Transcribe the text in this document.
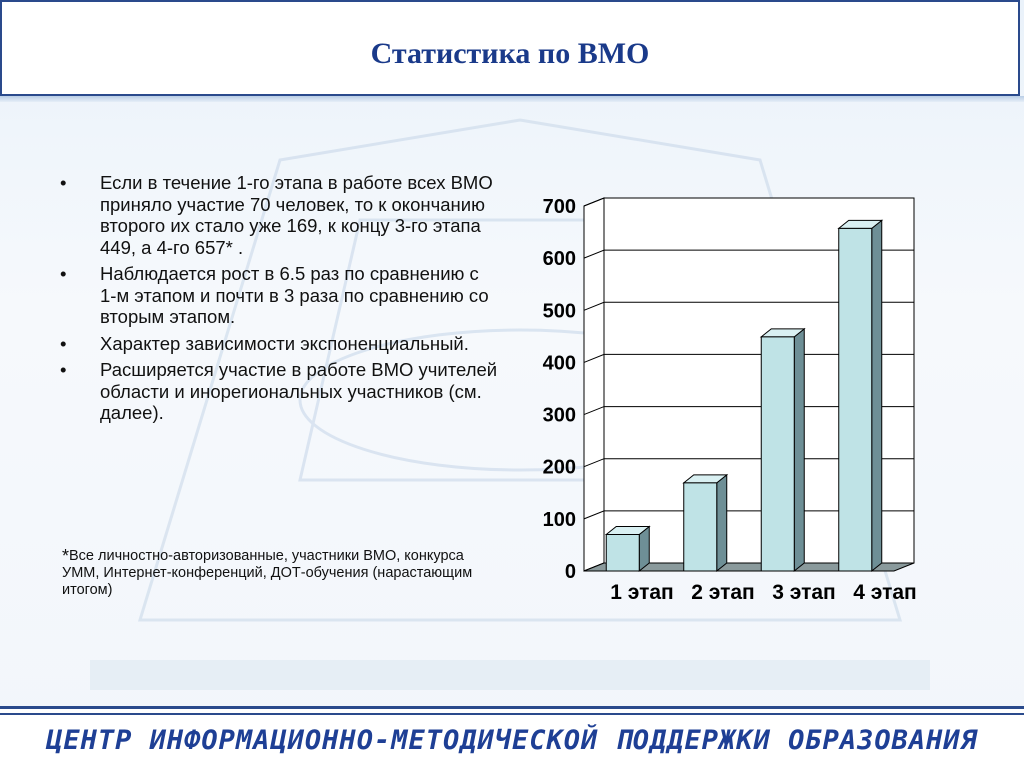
Статистика по ВМО
• Если в течение 1-го этапа в работе всех ВМО приняло участие 70 человек, то к окончанию второго их стало уже 169, к концу 3-го этапа 449, а 4-го 657* .
• Наблюдается рост в 6.5 раз по сравнению с 1-м этапом и почти в 3 раза по сравнению со вторым этапом.
• Характер зависимости экспоненциальный.
• Расширяется участие в работе ВМО учителей области и инорегиональных участников (см. далее).
*Все личностно-авторизованные, участники ВМО, конкурса УММ, Интернет-конференций, ДОТ-обучения (нарастающим итогом)
0
100
200
300
400
500
600
700
1 этап 2 этап 3 этап 4 этап
ЦЕНТР ИНФОРМАЦИОННО-МЕТОДИЧЕСКОЙ ПОДДЕРЖКИ ОБРАЗОВАНИЯ
